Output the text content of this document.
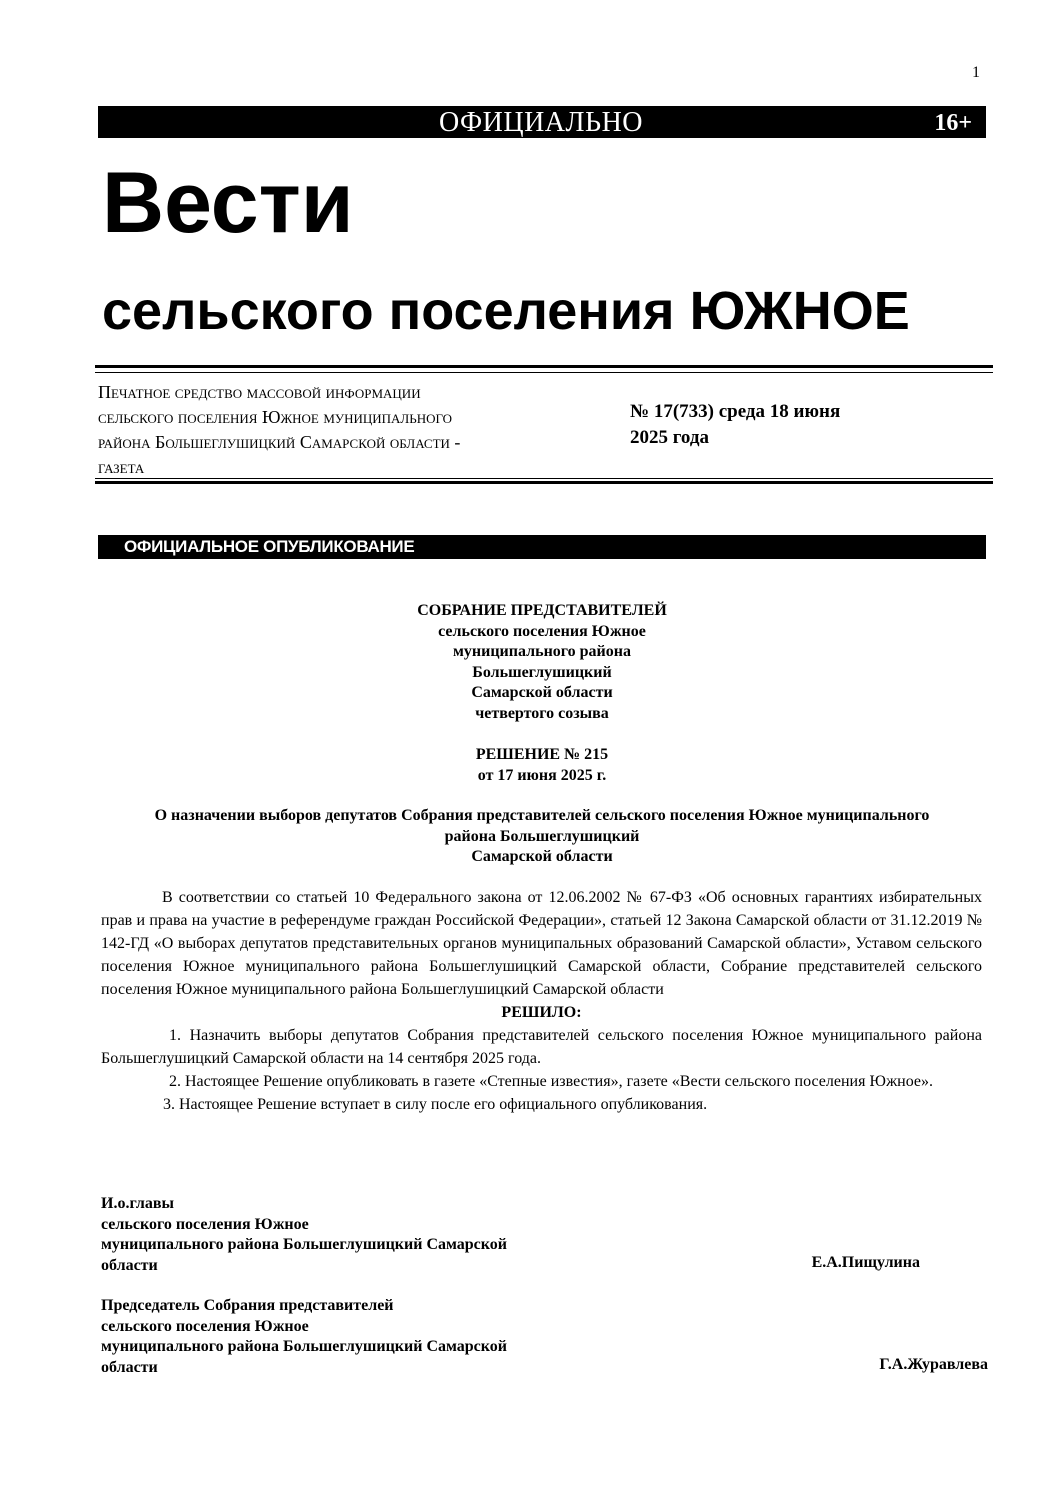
1
ОФИЦИАЛЬНО	16+
Вести
сельского поселения ЮЖНОЕ
Печатное средство массовой информации
сельского поселения Южное муниципального
района Большеглушицкий Самарской области -
газета
№ 17(733) среда 18 июня
2025 года
ОФИЦИАЛЬНОЕ ОПУБЛИКОВАНИЕ
СОБРАНИЕ ПРЕДСТАВИТЕЛЕЙ
сельского поселения Южное
муниципального района
Большеглушицкий
Самарской области
четвертого созыва
РЕШЕНИЕ № 215
от 17 июня 2025 г.
О назначении выборов депутатов Собрания представителей сельского поселения Южное муниципального
района Большеглушицкий
Самарской области

В соответствии со статьей 10 Федерального закона от 12.06.2002 № 67-ФЗ «Об основных гарантиях избирательных прав и права на участие в референдуме граждан Российской Федерации», статьей 12 Закона Самарской области от 31.12.2019 № 142-ГД «О выборах депутатов представительных органов муниципальных образований Самарской области», Уставом сельского поселения Южное муниципального района Большеглушицкий Самарской области, Собрание представителей сельского поселения Южное муниципального района Большеглушицкий Самарской области

РЕШИЛО:

1. Назначить выборы депутатов Собрания представителей сельского поселения Южное муниципального района Большеглушицкий Самарской области на 14 сентября 2025 года.

2. Настоящее Решение опубликовать в газете «Степные известия», газете «Вести сельского поселения Южное».

3. Настоящее Решение вступает в силу после его официального опубликования.

И.о.главы
сельского поселения Южное
муниципального района Большеглушицкий Самарской
области	Е.А.Пищулина
Председатель Собрания представителей
сельского поселения Южное
муниципального района Большеглушицкий Самарской
области	Г.А.Журавлева
